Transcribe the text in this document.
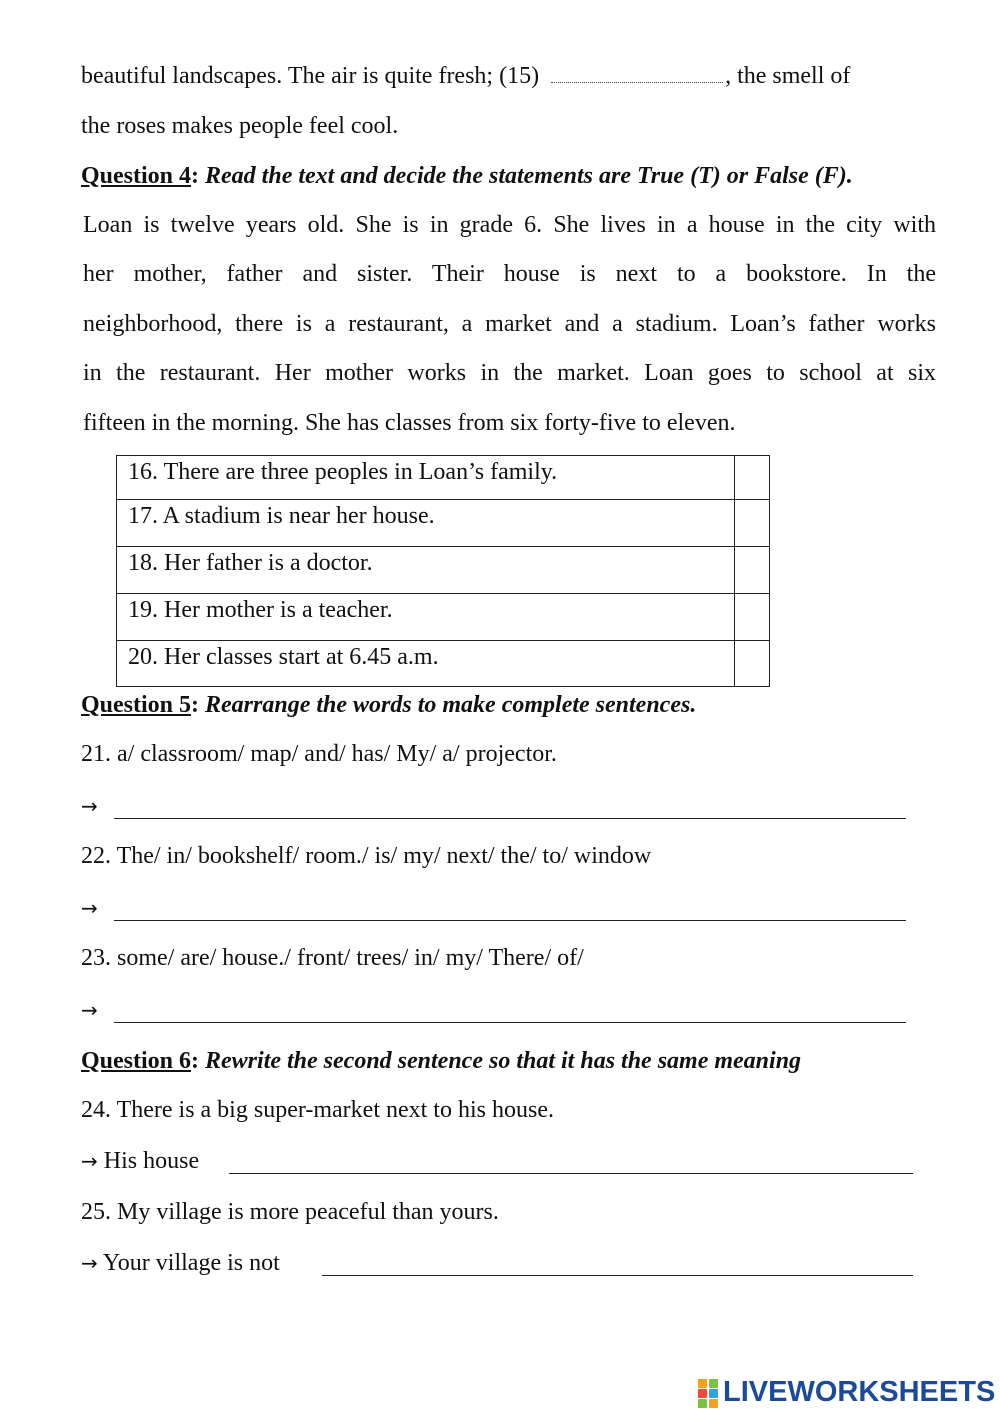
beautiful landscapes. The air is quite fresh; (15)	, the smell of
the roses makes people feel cool.
Question 4: Read the text and decide the statements are True (T) or False (F).
Loan is twelve years old. She is in grade 6. She lives in a house in the city with
her mother, father and sister. Their house is next to a bookstore. In the
neighborhood, there is a restaurant, a market and a stadium. Loan’s father works
in the restaurant. Her mother works in the market. Loan goes to school at six
fifteen in the morning. She has classes from six forty-five to eleven.
16. There are three peoples in Loan’s family.	
17. A stadium is near her house.	
18. Her father is a doctor.	
19. Her mother is a teacher.	
20. Her classes start at 6.45 a.m.	
Question 5: Rearrange the words to make complete sentences.
21. a/ classroom/ map/ and/ has/ My/ a/ projector.
→
22. The/ in/ bookshelf/ room./ is/ my/ next/ the/ to/ window
→
23. some/ are/ house./ front/ trees/ in/ my/ There/ of/
→
Question 6: Rewrite the second sentence so that it has the same meaning
24. There is a big super-market next to his house.
→ His house
25. My village is more peaceful than yours.
→ Your village is not
LIVEWORKSHEETS
